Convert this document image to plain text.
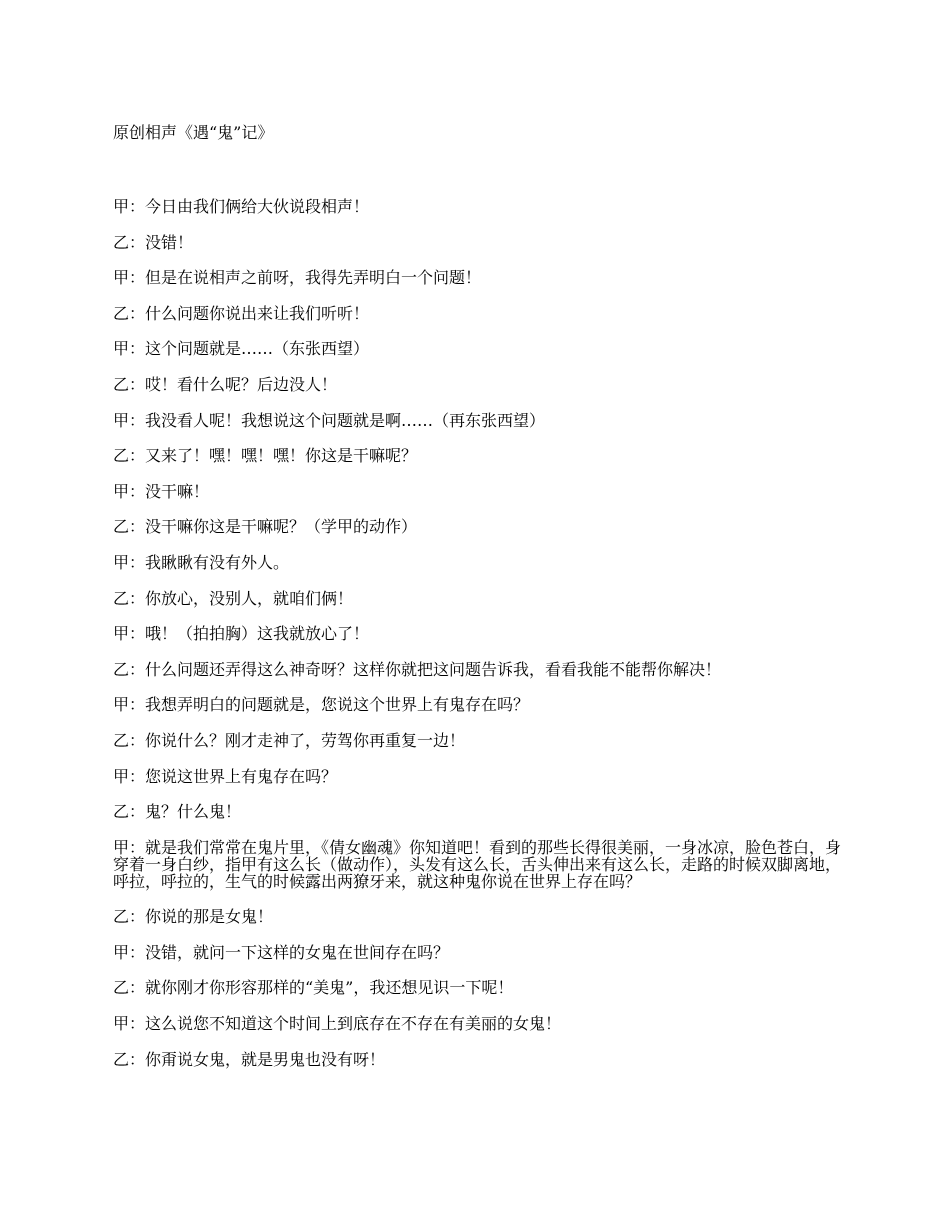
原创相声《遇“鬼”记》

甲：今日由我们俩给大伙说段相声！

乙：没错！

甲：但是在说相声之前呀，我得先弄明白一个问题！

乙：什么问题你说出来让我们听听！

甲：这个问题就是……（东张西望）

乙：哎！看什么呢？后边没人！

甲：我没看人呢！我想说这个问题就是啊……（再东张西望）

乙：又来了！嘿！嘿！嘿！你这是干嘛呢？

甲：没干嘛！

乙：没干嘛你这是干嘛呢？（学甲的动作）

甲：我瞅瞅有没有外人。

乙：你放心，没别人，就咱们俩！

甲：哦！（拍拍胸）这我就放心了！

乙：什么问题还弄得这么神奇呀？这样你就把这问题告诉我，看看我能不能帮你解决！

甲：我想弄明白的问题就是，您说这个世界上有鬼存在吗？

乙：你说什么？刚才走神了，劳驾你再重复一边！

甲：您说这世界上有鬼存在吗？

乙：鬼？什么鬼！

甲：就是我们常常在鬼片里，《倩女幽魂》你知道吧！看到的那些长得很美丽，一身冰凉，脸色苍白，身穿着一身白纱，指甲有这么长（做动作），头发有这么长，舌头伸出来有这么长，走路的时候双脚离地，呼拉，呼拉的，生气的时候露出两獠牙来，就这种鬼你说在世界上存在吗？

乙：你说的那是女鬼！

甲：没错，就问一下这样的女鬼在世间存在吗？

乙：就你刚才你形容那样的“美鬼”，我还想见识一下呢！

甲：这么说您不知道这个时间上到底存在不存在有美丽的女鬼！

乙：你甭说女鬼，就是男鬼也没有呀！
